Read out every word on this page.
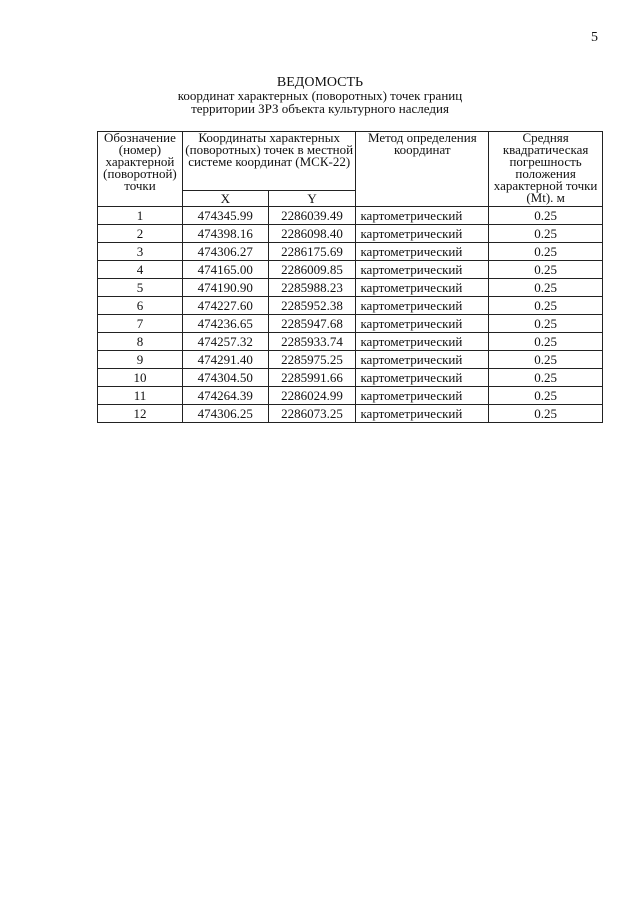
5
ВЕДОМОСТЬ
координат характерных (поворотных) точек границ
территории ЗРЗ объекта культурного наследия
Обозначение (номер) характерной (поворотной) точки	Координаты характерных (поворотных) точек в местной системе координат (МСК-22)		Метод определения координат	Средняя квадратическая погрешность положения характерной точки (Mt). м
	X	Y		
1	474345.99	2286039.49	картометрический	0.25
2	474398.16	2286098.40	картометрический	0.25
3	474306.27	2286175.69	картометрический	0.25
4	474165.00	2286009.85	картометрический	0.25
5	474190.90	2285988.23	картометрический	0.25
6	474227.60	2285952.38	картометрический	0.25
7	474236.65	2285947.68	картометрический	0.25
8	474257.32	2285933.74	картометрический	0.25
9	474291.40	2285975.25	картометрический	0.25
10	474304.50	2285991.66	картометрический	0.25
11	474264.39	2286024.99	картометрический	0.25
12	474306.25	2286073.25	картометрический	0.25
